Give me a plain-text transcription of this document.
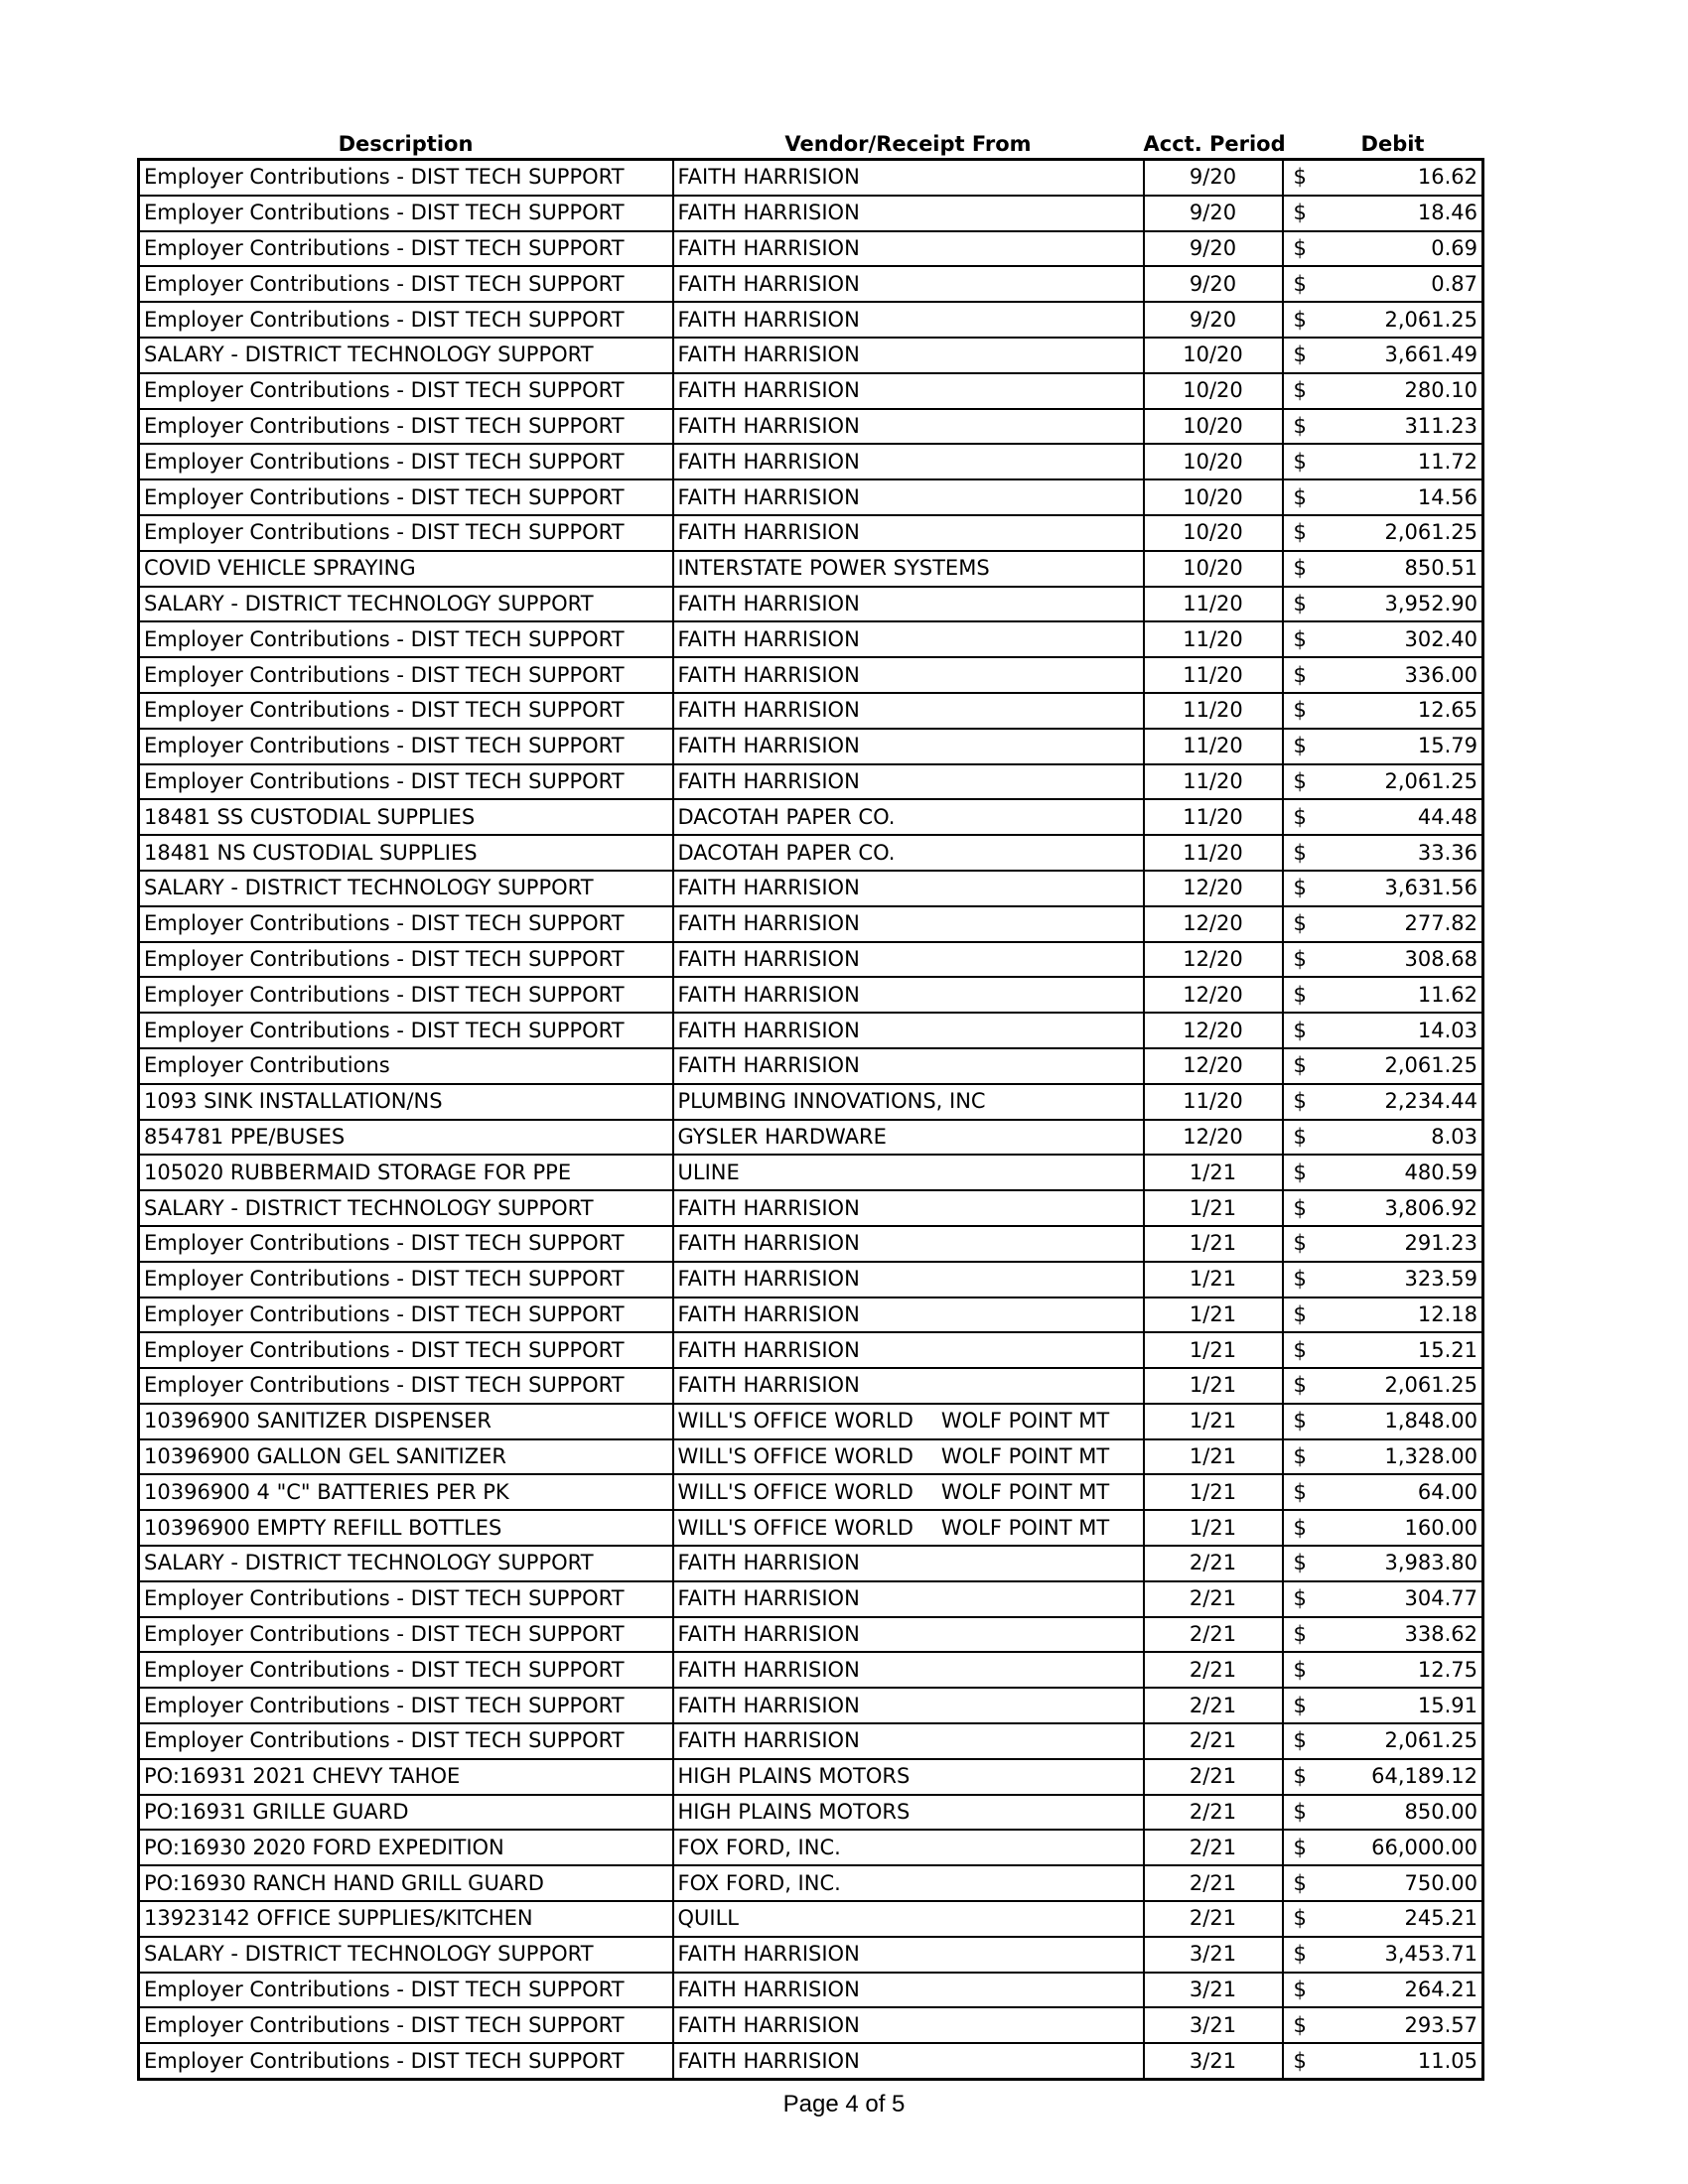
Description	Vendor/Receipt From	Acct. Period	Debit
Employer Contributions - DIST TECH SUPPORT	FAITH HARRISION	9/20	$ 16.62

Employer Contributions - DIST TECH SUPPORT	FAITH HARRISION	9/20	$ 18.46

Employer Contributions - DIST TECH SUPPORT	FAITH HARRISION	9/20	$ 0.69

Employer Contributions - DIST TECH SUPPORT	FAITH HARRISION	9/20	$ 0.87

Employer Contributions - DIST TECH SUPPORT	FAITH HARRISION	9/20	$ 2,061.25

SALARY - DISTRICT TECHNOLOGY SUPPORT	FAITH HARRISION	10/20	$ 3,661.49

Employer Contributions - DIST TECH SUPPORT	FAITH HARRISION	10/20	$ 280.10

Employer Contributions - DIST TECH SUPPORT	FAITH HARRISION	10/20	$ 311.23

Employer Contributions - DIST TECH SUPPORT	FAITH HARRISION	10/20	$ 11.72

Employer Contributions - DIST TECH SUPPORT	FAITH HARRISION	10/20	$ 14.56

Employer Contributions - DIST TECH SUPPORT	FAITH HARRISION	10/20	$ 2,061.25

COVID VEHICLE SPRAYING	INTERSTATE POWER SYSTEMS	10/20	$ 850.51

SALARY - DISTRICT TECHNOLOGY SUPPORT	FAITH HARRISION	11/20	$ 3,952.90

Employer Contributions - DIST TECH SUPPORT	FAITH HARRISION	11/20	$ 302.40

Employer Contributions - DIST TECH SUPPORT	FAITH HARRISION	11/20	$ 336.00

Employer Contributions - DIST TECH SUPPORT	FAITH HARRISION	11/20	$ 12.65

Employer Contributions - DIST TECH SUPPORT	FAITH HARRISION	11/20	$ 15.79

Employer Contributions - DIST TECH SUPPORT	FAITH HARRISION	11/20	$ 2,061.25

18481 SS CUSTODIAL SUPPLIES	DACOTAH PAPER CO.	11/20	$ 44.48

18481 NS CUSTODIAL SUPPLIES	DACOTAH PAPER CO.	11/20	$ 33.36

SALARY - DISTRICT TECHNOLOGY SUPPORT	FAITH HARRISION	12/20	$ 3,631.56

Employer Contributions - DIST TECH SUPPORT	FAITH HARRISION	12/20	$ 277.82

Employer Contributions - DIST TECH SUPPORT	FAITH HARRISION	12/20	$ 308.68

Employer Contributions - DIST TECH SUPPORT	FAITH HARRISION	12/20	$ 11.62

Employer Contributions - DIST TECH SUPPORT	FAITH HARRISION	12/20	$ 14.03

Employer Contributions	FAITH HARRISION	12/20	$ 2,061.25

1093 SINK INSTALLATION/NS	PLUMBING INNOVATIONS, INC	11/20	$ 2,234.44

854781 PPE/BUSES	GYSLER HARDWARE	12/20	$ 8.03

105020 RUBBERMAID STORAGE FOR PPE	ULINE	1/21	$ 480.59

SALARY - DISTRICT TECHNOLOGY SUPPORT	FAITH HARRISION	1/21	$ 3,806.92

Employer Contributions - DIST TECH SUPPORT	FAITH HARRISION	1/21	$ 291.23

Employer Contributions - DIST TECH SUPPORT	FAITH HARRISION	1/21	$ 323.59

Employer Contributions - DIST TECH SUPPORT	FAITH HARRISION	1/21	$ 12.18

Employer Contributions - DIST TECH SUPPORT	FAITH HARRISION	1/21	$ 15.21

Employer Contributions - DIST TECH SUPPORT	FAITH HARRISION	1/21	$ 2,061.25

10396900 SANITIZER DISPENSER	WILL'S OFFICE WORLD WOLF POINT MT	1/21	$ 1,848.00

10396900 GALLON GEL SANITIZER	WILL'S OFFICE WORLD WOLF POINT MT	1/21	$ 1,328.00

10396900 4 "C" BATTERIES PER PK	WILL'S OFFICE WORLD WOLF POINT MT	1/21	$ 64.00

10396900 EMPTY REFILL BOTTLES	WILL'S OFFICE WORLD WOLF POINT MT	1/21	$ 160.00

SALARY - DISTRICT TECHNOLOGY SUPPORT	FAITH HARRISION	2/21	$ 3,983.80

Employer Contributions - DIST TECH SUPPORT	FAITH HARRISION	2/21	$ 304.77

Employer Contributions - DIST TECH SUPPORT	FAITH HARRISION	2/21	$ 338.62

Employer Contributions - DIST TECH SUPPORT	FAITH HARRISION	2/21	$ 12.75

Employer Contributions - DIST TECH SUPPORT	FAITH HARRISION	2/21	$ 15.91

Employer Contributions - DIST TECH SUPPORT	FAITH HARRISION	2/21	$ 2,061.25

PO:16931 2021 CHEVY TAHOE	HIGH PLAINS MOTORS	2/21	$ 64,189.12

PO:16931 GRILLE GUARD	HIGH PLAINS MOTORS	2/21	$ 850.00

PO:16930 2020 FORD EXPEDITION	FOX FORD, INC.	2/21	$ 66,000.00

PO:16930 RANCH HAND GRILL GUARD	FOX FORD, INC.	2/21	$ 750.00

13923142 OFFICE SUPPLIES/KITCHEN	QUILL	2/21	$ 245.21

SALARY - DISTRICT TECHNOLOGY SUPPORT	FAITH HARRISION	3/21	$ 3,453.71

Employer Contributions - DIST TECH SUPPORT	FAITH HARRISION	3/21	$ 264.21

Employer Contributions - DIST TECH SUPPORT	FAITH HARRISION	3/21	$ 293.57

Employer Contributions - DIST TECH SUPPORT	FAITH HARRISION	3/21	$ 11.05
Page 4 of 5
